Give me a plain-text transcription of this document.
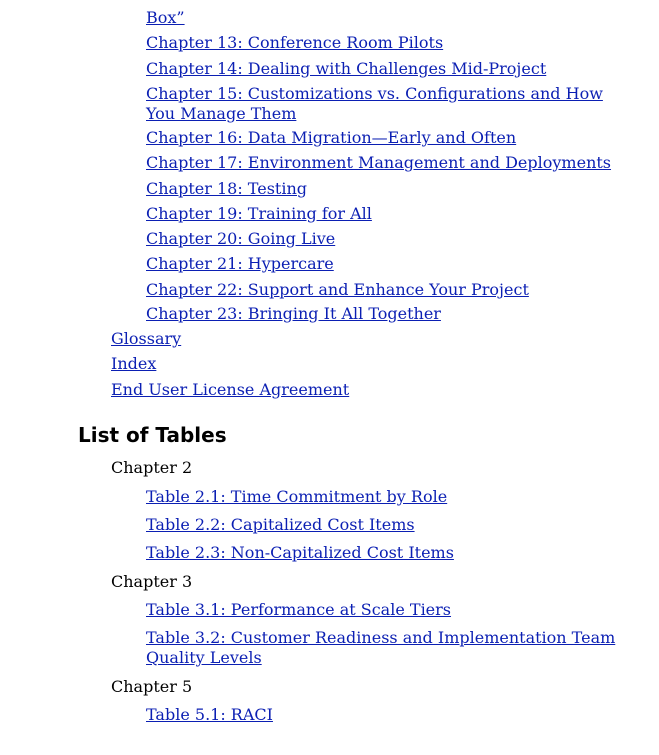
Box”

Chapter 13: Conference Room Pilots

Chapter 14: Dealing with Challenges Mid-Project

Chapter 15: Customizations vs. Configurations and How You Manage Them

Chapter 16: Data Migration—Early and Often

Chapter 17: Environment Management and Deployments

Chapter 18: Testing

Chapter 19: Training for All

Chapter 20: Going Live

Chapter 21: Hypercare

Chapter 22: Support and Enhance Your Project

Chapter 23: Bringing It All Together

Glossary

Index

End User License Agreement

List of Tables

Chapter 2

Table 2.1: Time Commitment by Role

Table 2.2: Capitalized Cost Items

Table 2.3: Non-Capitalized Cost Items

Chapter 3

Table 3.1: Performance at Scale Tiers

Table 3.2: Customer Readiness and Implementation Team Quality Levels

Chapter 5

Table 5.1: RACI
